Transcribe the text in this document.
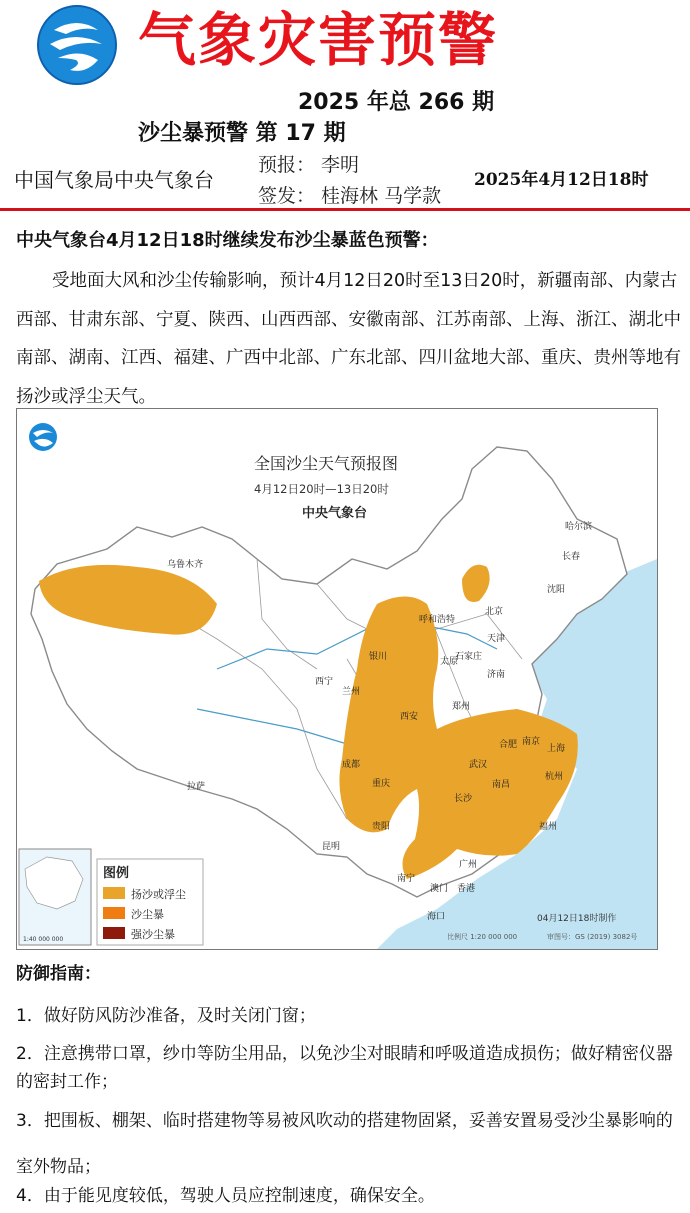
气象灾害预警
2025 年总 266 期
沙尘暴预警 第 17 期
中国气象局中央气象台
预报： 李明
签发： 桂海林 马学款
2025年4月12日18时
中央气象台4月12日18时继续发布沙尘暴蓝色预警：
受地面大风和沙尘传输影响，预计4月12日20时至13日20时，新疆南部、内蒙古西部、甘肃东部、宁夏、陕西、山西西部、安徽南部、江苏南部、上海、浙江、湖北中南部、湖南、江西、福建、广西中北部、广东北部、四川盆地大部、重庆、贵州等地有扬沙或浮尘天气。
乌鲁木齐
哈尔滨
长春
沈阳
呼和浩特
北京
天津
银川	太原
石家庄
济南
西宁
兰州
郑州
西安
南京
合肥	上海
成都	武汉
杭州
重庆
拉萨	南昌
长沙
福州
贵阳
昆明
广州
南宁
澳门 香港
海口
全国沙尘天气预报图
4月12日20时—13日20时
中央气象台
1:40 000 000
图例
扬沙或浮尘
沙尘暴
强沙尘暴
04月12日18时制作
比例尺 1:20 000 000	审图号：GS (2019) 3082号
防御指南：
1．做好防风防沙准备，及时关闭门窗；
2．注意携带口罩，纱巾等防尘用品，以免沙尘对眼睛和呼吸道造成损伤；做好精密仪器的密封工作；
3．把围板、棚架、临时搭建物等易被风吹动的搭建物固紧，妥善安置易受沙尘暴影响的室外物品；
4．由于能见度较低，驾驶人员应控制速度，确保安全。
